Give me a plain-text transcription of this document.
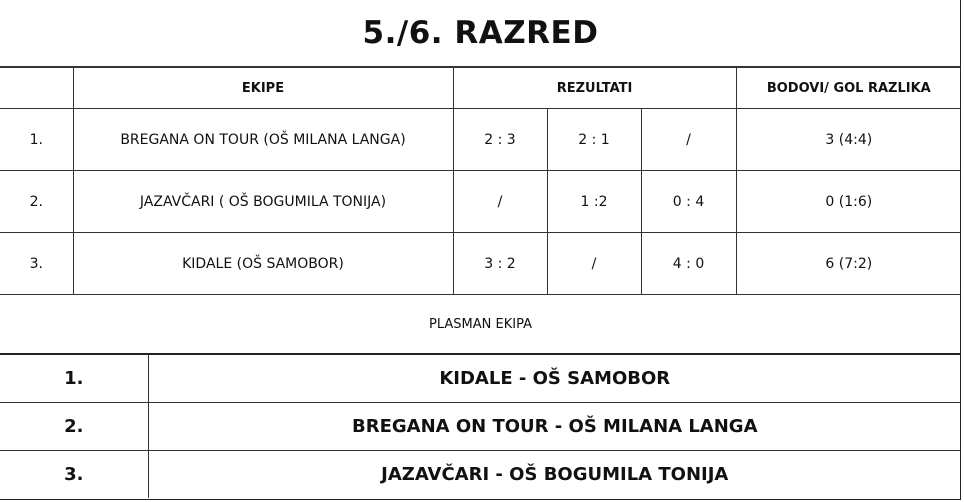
5./6. RAZRED
	EKIPE	REZULTATI			BODOVI/ GOL RAZLIKA
1.	BREGANA ON TOUR (OŠ MILANA LANGA)	2 : 3	2 : 1	/	3 (4:4)
2.	JAZAVČARI ( OŠ BOGUMILA TONIJA)	/	1 :2	0 : 4	0 (1:6)
3.	KIDALE (OŠ SAMOBOR)	3 : 2	/	4 : 0	6 (7:2)
PLASMAN EKIPA
1.	KIDALE - OŠ SAMOBOR
2.	BREGANA ON TOUR - OŠ MILANA LANGA
3.	JAZAVČARI - OŠ BOGUMILA TONIJA
